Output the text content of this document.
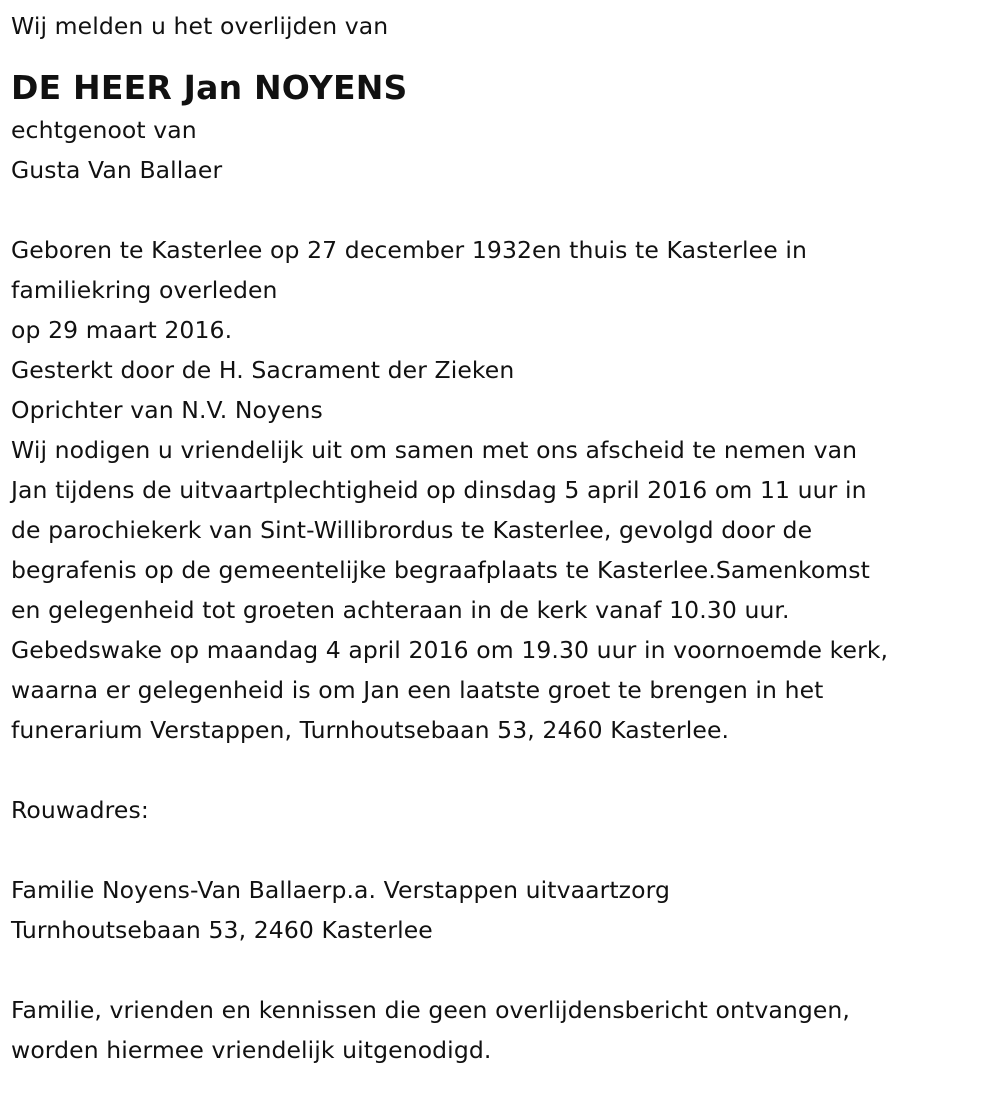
Wij melden u het overlijden van

DE HEER Jan NOYENS

echtgenoot van

Gusta Van Ballaer

Geboren te Kasterlee op 27 december 1932en thuis te Kasterlee in

familiekring overleden

op 29 maart 2016.

Gesterkt door de H. Sacrament der Zieken

Oprichter van N.V. Noyens

Wij nodigen u vriendelijk uit om samen met ons afscheid te nemen van

Jan tijdens de uitvaartplechtigheid op dinsdag 5 april 2016 om 11 uur in

de parochiekerk van Sint-Willibrordus te Kasterlee, gevolgd door de

begrafenis op de gemeentelijke begraafplaats te Kasterlee.Samenkomst

en gelegenheid tot groeten achteraan in de kerk vanaf 10.30 uur.

Gebedswake op maandag 4 april 2016 om 19.30 uur in voornoemde kerk,

waarna er gelegenheid is om Jan een laatste groet te brengen in het

funerarium Verstappen, Turnhoutsebaan 53, 2460 Kasterlee.

Rouwadres:

Familie Noyens-Van Ballaerp.a. Verstappen uitvaartzorg

Turnhoutsebaan 53, 2460 Kasterlee

Familie, vrienden en kennissen die geen overlijdensbericht ontvangen,

worden hiermee vriendelijk uitgenodigd.
